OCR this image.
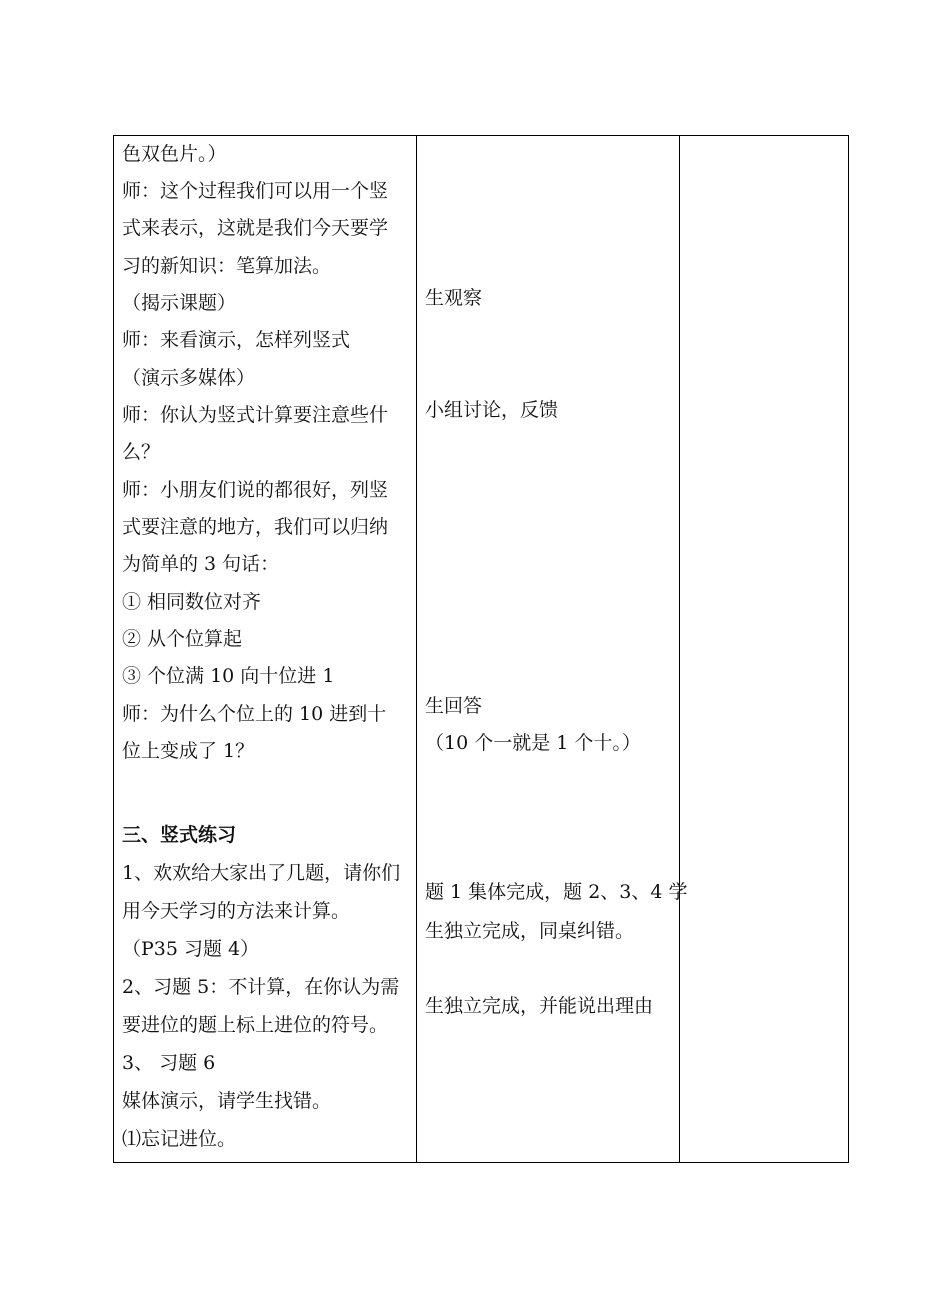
色双色片。）
师：这个过程我们可以用一个竖
式来表示，这就是我们今天要学
习的新知识：笔算加法。
（揭示课题）
师：来看演示，怎样列竖式
（演示多媒体）
师：你认为竖式计算要注意些什
么？
师：小朋友们说的都很好，列竖
式要注意的地方，我们可以归纳
为简单的 3 句话：
① 相同数位对齐
② 从个位算起
③ 个位满 10 向十位进 1
师：为什么个位上的 10 进到十
位上变成了 1？
三、竖式练习
1、欢欢给大家出了几题，请你们
用今天学习的方法来计算。
（P35 习题 4）
2、习题 5：不计算，在你认为需
要进位的题上标上进位的符号。
3、 习题 6
媒体演示，请学生找错。
⑴忘记进位。
生观察
小组讨论，反馈
生回答
（10 个一就是 1 个十。）
题 1 集体完成，题 2、3、4 学
生独立完成，同桌纠错。
生独立完成，并能说出理由
